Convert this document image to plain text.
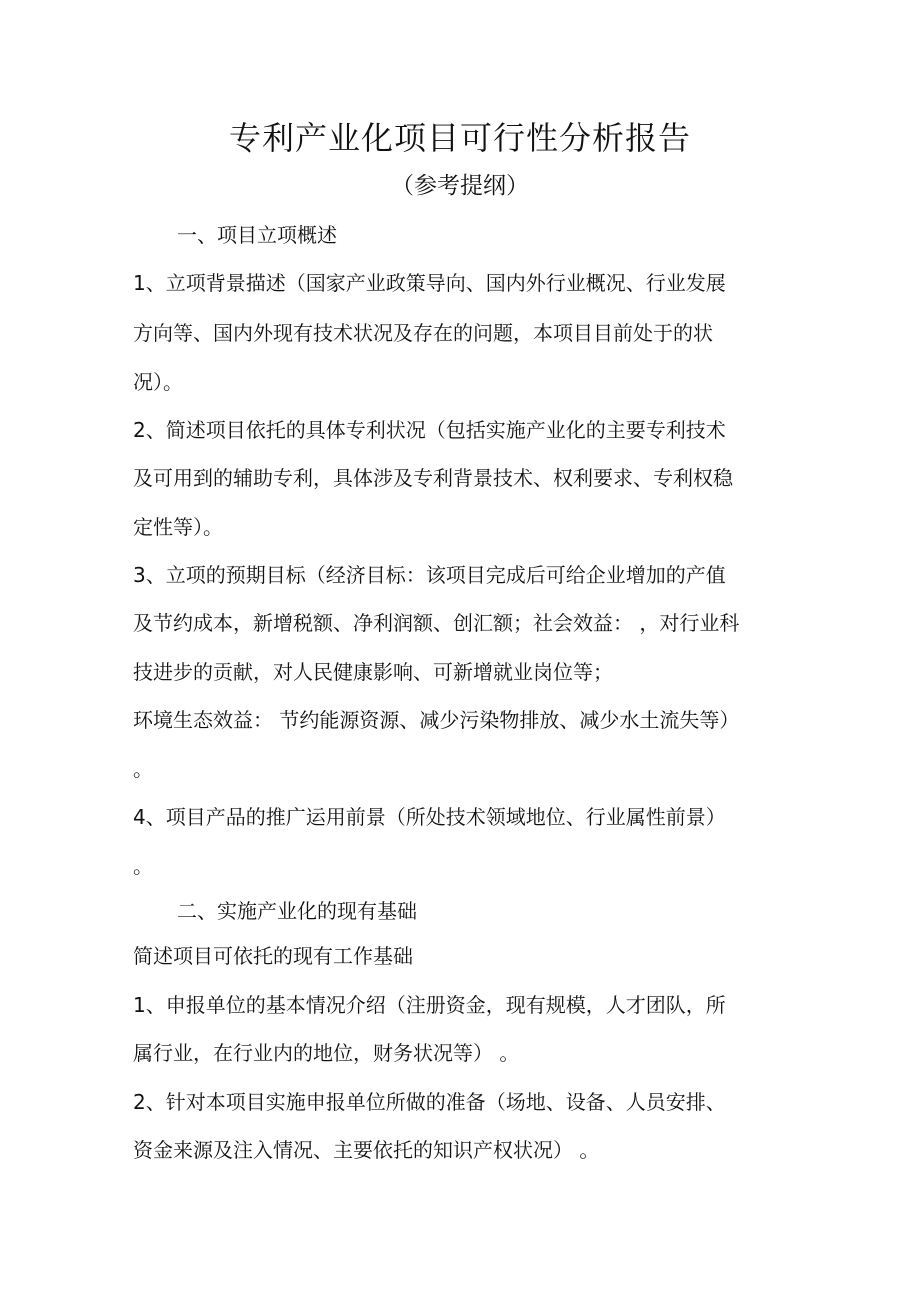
专利产业化项目可行性分析报告
（参考提纲）

一、项目立项概述

1、立项背景描述（国家产业政策导向、国内外行业概况、行业发展

方向等、国内外现有技术状况及存在的问题，本项目目前处于的状

况）。

2、简述项目依托的具体专利状况（包括实施产业化的主要专利技术

及可用到的辅助专利，具体涉及专利背景技术、权利要求、专利权稳

定性等）。

3、立项的预期目标（经济目标：该项目完成后可给企业增加的产值

及节约成本，新增税额、净利润额、创汇额；社会效益： ，对行业科

技进步的贡献，对人民健康影响、可新增就业岗位等；

环境生态效益： 节约能源资源、减少污染物排放、减少水土流失等）

。

4、项目产品的推广运用前景（所处技术领域地位、行业属性前景）

。

二、实施产业化的现有基础

简述项目可依托的现有工作基础

1、申报单位的基本情况介绍（注册资金，现有规模，人才团队，所

属行业，在行业内的地位，财务状况等） 。

2、针对本项目实施申报单位所做的准备（场地、设备、人员安排、

资金来源及注入情况、主要依托的知识产权状况） 。
